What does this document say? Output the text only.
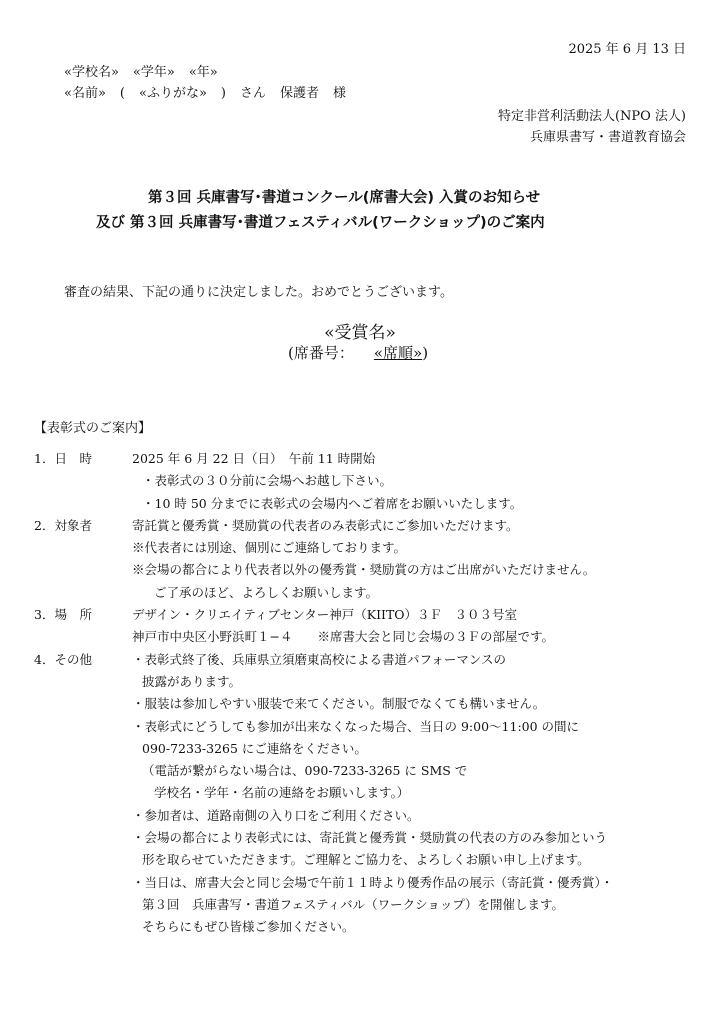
2025 年 6 月 13 日
«学校名» «学年» «年»
«名前» ( «ふりがな» ) さん 保護者 様
特定非営利活動法人(NPO 法人)
兵庫県書写・書道教育協会
第３回 兵庫書写･書道コンクール(席書大会) 入賞のお知らせ
及び 第３回 兵庫書写･書道フェスティバル(ワークショップ)のご案内
審査の結果、下記の通りに決定しました。おめでとうございます。
«受賞名»
(席番号： «席順»)
【表彰式のご案内】
1．日　時	2025 年 6 月 22 日（日）　午前 11 時開始
・表彰式の３０分前に会場へお越し下さい。
・10 時 50 分までに表彰式の会場内へご着席をお願いいたします。
2．対象者	寄託賞と優秀賞・奨励賞の代表者のみ表彰式にご参加いただけます。
※代表者には別途、個別にご連絡しております。
※会場の都合により代表者以外の優秀賞・奨励賞の方はご出席がいただけません。
ご了承のほど、よろしくお願いします。
3．場　所	デザイン・クリエイティブセンター神戸（KIITO）３Ｆ　３０３号室
神戸市中央区小野浜町１−４　　※席書大会と同じ会場の３Ｆの部屋です。
4．その他	・表彰式終了後、兵庫県立須磨東高校による書道パフォーマンスの
披露があります。
・服装は参加しやすい服装で来てください。制服でなくても構いません。
・表彰式にどうしても参加が出来なくなった場合、当日の 9:00〜11:00 の間に
090-7233-3265 にご連絡をください。
（電話が繋がらない場合は、090-7233-3265 に SMS で
学校名・学年・名前の連絡をお願いします。）
・参加者は、道路南側の入り口をご利用ください。
・会場の都合により表彰式には、寄託賞と優秀賞・奨励賞の代表の方のみ参加という
形を取らせていただきます。ご理解とご協力を、よろしくお願い申し上げます。
・当日は、席書大会と同じ会場で午前１１時より優秀作品の展示（寄託賞・優秀賞）・
第３回　兵庫書写・書道フェスティバル（ワークショップ）を開催します。
そちらにもぜひ皆様ご参加ください。
